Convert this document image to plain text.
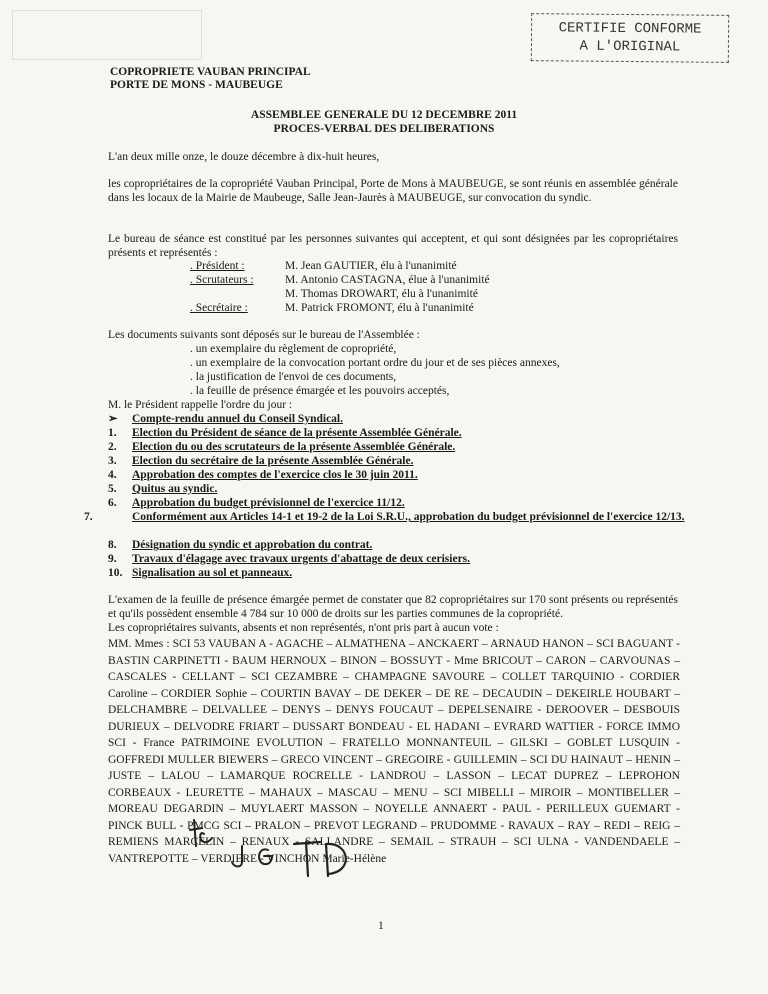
CERTIFIE CONFORME
A L'ORIGINAL
COPROPRIETE VAUBAN PRINCIPAL
PORTE DE MONS - MAUBEUGE
ASSEMBLEE GENERALE DU 12 DECEMBRE 2011
PROCES-VERBAL DES DELIBERATIONS
L'an deux mille onze, le douze décembre à dix-huit heures,
les copropriétaires de la copropriété Vauban Principal, Porte de Mons à MAUBEUGE, se sont réunis en assemblée générale dans les locaux de la Mairie de Maubeuge, Salle Jean-Jaurès à MAUBEUGE, sur convocation du syndic.
Le bureau de séance est constitué par les personnes suivantes qui acceptent, et qui sont désignées par les copropriétaires présents et représentés :
. Président :	M. Jean GAUTIER, élu à l'unanimité
. Scrutateurs :	M. Antonio CASTAGNA, élue à l'unanimité
M. Thomas DROWART, élu à l'unanimité
. Secrétaire :	M. Patrick FROMONT, élu à l'unanimité
Les documents suivants sont déposés sur le bureau de l'Assemblée :
. un exemplaire du règlement de copropriété,
. un exemplaire de la convocation portant ordre du jour et de ses pièces annexes,
. la justification de l'envoi de ces documents,
. la feuille de présence émargée et les pouvoirs acceptés,
M. le Président rappelle l'ordre du jour :
➢ Compte-rendu annuel du Conseil Syndical.
1. Election du Président de séance de la présente Assemblée Générale.
2. Election du ou des scrutateurs de la présente Assemblée Générale.
3. Election du secrétaire de la présente Assemblée Générale.
4. Approbation des comptes de l'exercice clos le 30 juin 2011.
5. Quitus au syndic.
6. Approbation du budget prévisionnel de l'exercice 11/12.
7.	Conformément aux Articles 14-1 et 19-2 de la Loi S.R.U., approbation du budget prévisionnel de l'exercice 12/13.
8. Désignation du syndic et approbation du contrat.
9. Travaux d'élagage avec travaux urgents d'abattage de deux cerisiers.
10. Signalisation au sol et panneaux.
L'examen de la feuille de présence émargée permet de constater que 82 copropriétaires sur 170 sont présents ou représentés et qu'ils possèdent ensemble 4 784 sur 10 000 de droits sur les parties communes de la copropriété.
Les copropriétaires suivants, absents et non représentés, n'ont pris part à aucun vote :
MM. Mmes : SCI 53 VAUBAN A - AGACHE – ALMATHENA – ANCKAERT – ARNAUD HANON – SCI BAGUANT - BASTIN CARPINETTI - BAUM HERNOUX – BINON – BOSSUYT - Mme BRICOUT – CARON – CARVOUNAS – CASCALES - CELLANT – SCI CEZAMBRE – CHAMPAGNE SAVOURE – COLLET TARQUINIO - CORDIER Caroline – CORDIER Sophie – COURTIN BAVAY – DE DEKER – DE RE – DECAUDIN – DEKEIRLE HOUBART – DELCHAMBRE – DELVALLEE – DENYS – DENYS FOUCAUT – DEPELSENAIRE - DEROOVER – DESBOUIS DURIEUX – DELVODRE FRIART – DUSSART BONDEAU - EL HADANI – EVRARD WATTIER - FORCE IMMO SCI - France PATRIMOINE EVOLUTION – FRATELLO MONNANTEUIL – GILSKI – GOBLET LUSQUIN - GOFFREDI MULLER BIEWERS – GRECO VINCENT – GREGOIRE - GUILLEMIN – SCI DU HAINAUT – HENIN – JUSTE – LALOU – LAMARQUE ROCRELLE - LANDROU – LASSON – LECAT DUPREZ – LEPROHON CORBEAUX - LEURETTE – MAHAUX – MASCAU – MENU – SCI MIBELLI – MIROIR – MONTIBELLER – MOREAU DEGARDIN – MUYLAERT MASSON – NOYELLE ANNAERT - PAUL - PERILLEUX GUEMART - PINCK BULL - PMCG SCI – PRALON – PREVOT LEGRAND – PRUDOMME - RAVAUX – RAY – REDI – REIG – REMIENS MARCELIN – RENAUX - SALLANDRE – SEMAIL – STRAUH – SCI ULNA - VANDENDAELE – VANTREPOTTE – VERDIERE - VINCHON Marie-Hélène
1
